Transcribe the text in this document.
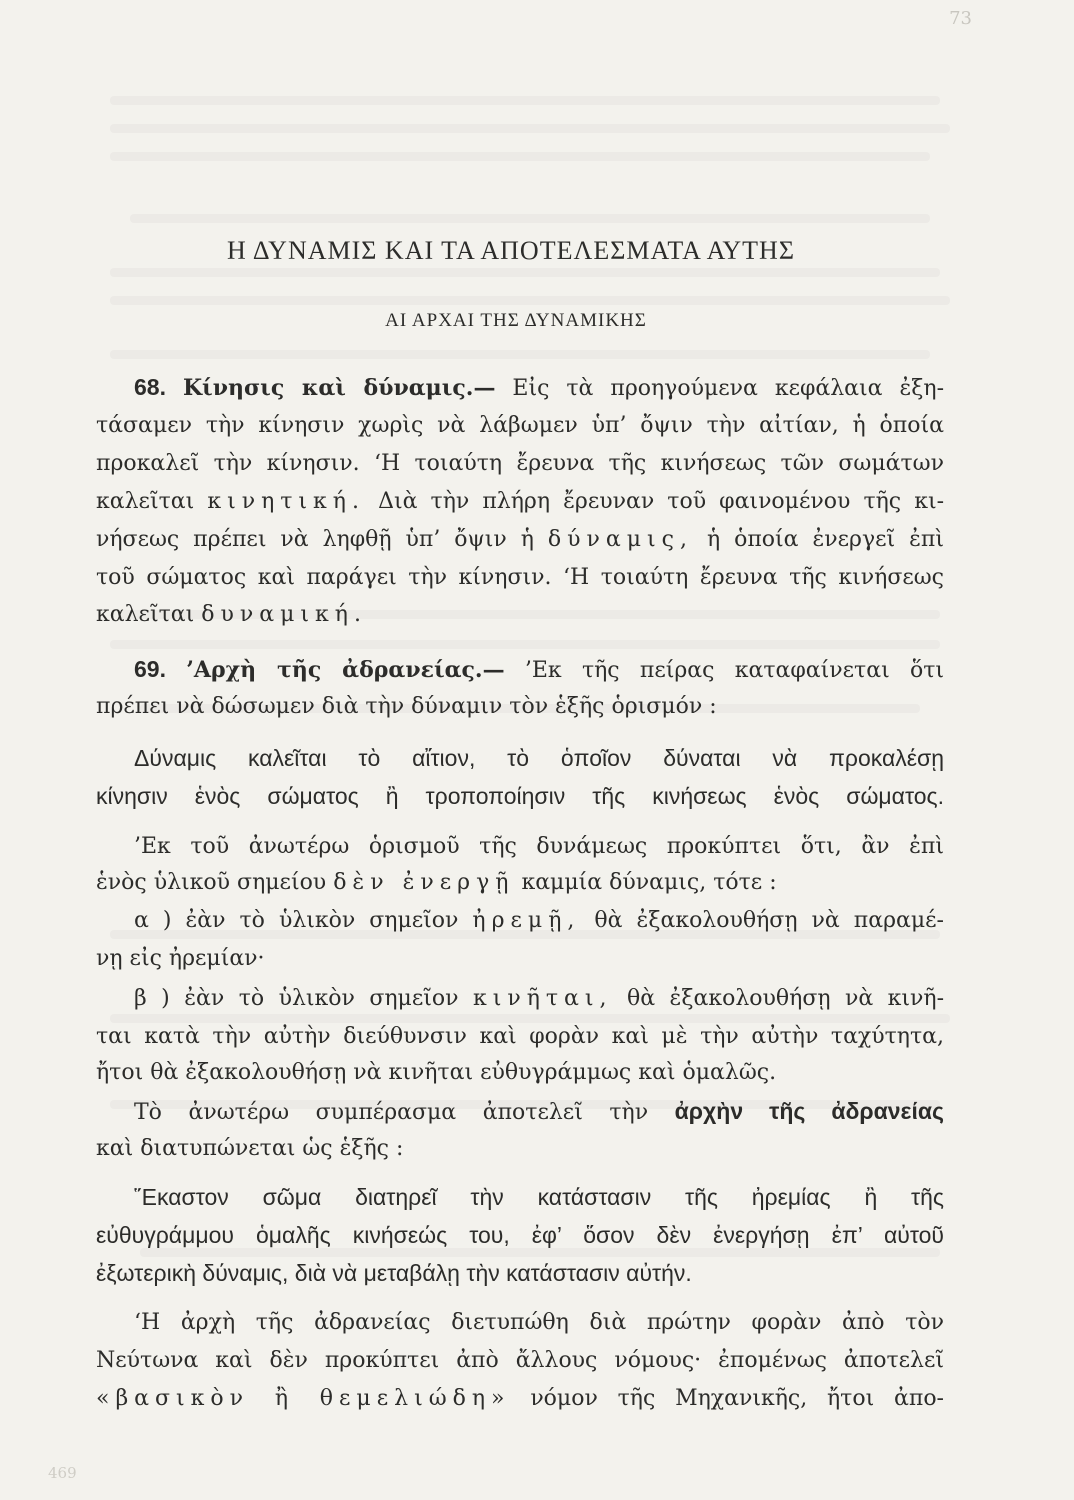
73
Η ΔΥΝΑΜΙΣ ΚΑΙ ΤΑ ΑΠΟΤΕΛΕΣΜΑΤΑ ΑΥΤΗΣ
ΑΙ ΑΡΧΑΙ ΤΗΣ ΔΥΝΑΜΙΚΗΣ
68. Κίνησις καὶ δύναμις.— Εἰς τὰ προηγούμενα κεφάλαια ἐξη-
τάσαμεν τὴν κίνησιν χωρὶς νὰ λάβωμεν ὑπ’ ὄψιν τὴν αἰτίαν, ἡ ὁποία
προκαλεῖ τὴν κίνησιν. ‘Η τοιαύτη ἔρευνα τῆς κινήσεως τῶν σωμάτων
καλεῖται κινητική. Διὰ τὴν πλήρη ἔρευναν τοῦ φαινομένου τῆς κι-
νήσεως πρέπει νὰ ληφθῇ ὑπ’ ὄψιν ἡ δύναμις, ἡ ὁποία ἐνεργεῖ ἐπὶ
τοῦ σώματος καὶ παράγει τὴν κίνησιν. ‘Η τοιαύτη ἔρευνα τῆς κινήσεως
καλεῖται δυναμική.
69. ’Αρχὴ τῆς ἀδρανείας.— ’Εκ τῆς πείρας καταφαίνεται ὅτι
πρέπει νὰ δώσωμεν διὰ τὴν δύναμιν τὸν ἑξῆς ὁρισμόν :
Δύναμις καλεῖται τὸ αἴτιον, τὸ ὁποῖον δύναται νὰ προκαλέσῃ
κίνησιν ἑνὸς σώματος ἢ τροποποίησιν τῆς κινήσεως ἑνὸς σώματος.
’Εκ τοῦ ἀνωτέρω ὁρισμοῦ τῆς δυνάμεως προκύπτει ὅτι, ἂν ἐπὶ
ἑνὸς ὑλικοῦ σημείου δὲν ἐνεργῇ καμμία δύναμις, τότε :
α ) ἐὰν τὸ ὑλικὸν σημεῖον ἠρεμῇ, θὰ ἐξακολουθήσῃ νὰ παραμέ-
νῃ εἰς ἠρεμίαν·
β ) ἐὰν τὸ ὑλικὸν σημεῖον κινῆται, θὰ ἐξακολουθήσῃ νὰ κινῆ-
ται κατὰ τὴν αὐτὴν διεύθυνσιν καὶ φορὰν καὶ μὲ τὴν αὐτὴν ταχύτητα,
ἤτοι θὰ ἐξακολουθήσῃ νὰ κινῆται εὐθυγράμμως καὶ ὁμαλῶς.
Τὸ ἀνωτέρω συμπέρασμα ἀποτελεῖ τὴν ἀρχὴν τῆς ἀδρανείας
καὶ διατυπώνεται ὡς ἑξῆς :
῞Εκαστον σῶμα διατηρεῖ τὴν κατάστασιν τῆς ἠρεμίας ἢ τῆς
εὐθυγράμμου ὁμαλῆς κινήσεώς του, ἐφ’ ὅσον δὲν ἐνεργήσῃ ἐπ’ αὐτοῦ
ἐξωτερικὴ δύναμις, διὰ νὰ μεταβάλῃ τὴν κατάστασιν αὐτήν.
‘Η ἀρχὴ τῆς ἀδρανείας διετυπώθη διὰ πρώτην φορὰν ἀπὸ τὸν
Νεύτωνα καὶ δὲν προκύπτει ἀπὸ ἄλλους νόμους· ἐπομένως ἀποτελεῖ
«βασικὸν ἢ θεμελιώδη» νόμον τῆς Μηχανικῆς, ἤτοι ἀπο-
469
